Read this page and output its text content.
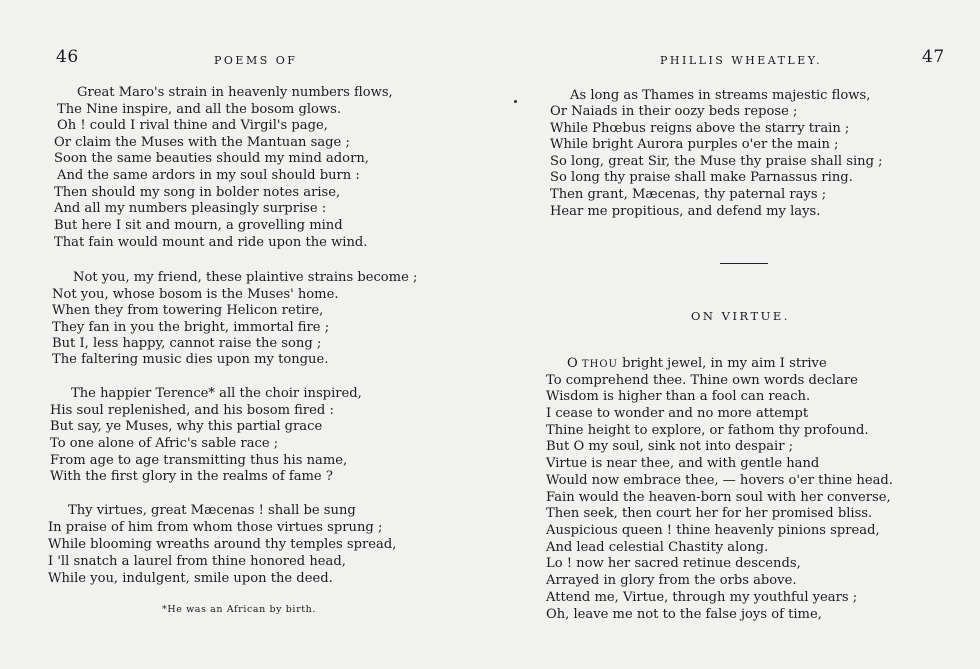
46	POEMS OF
Great Maro's strain in heavenly numbers flows,
The Nine inspire, and all the bosom glows.
Oh ! could I rival thine and Virgil's page,
Or claim the Muses with the Mantuan sage ;
Soon the same beauties should my mind adorn,
And the same ardors in my soul should burn :
Then should my song in bolder notes arise,
And all my numbers pleasingly surprise :
But here I sit and mourn, a grovelling mind
That fain would mount and ride upon the wind.
Not you, my friend, these plaintive strains become ;
Not you, whose bosom is the Muses' home.
When they from towering Helicon retire,
They fan in you the bright, immortal fire ;
But I, less happy, cannot raise the song ;
The faltering music dies upon my tongue.
The happier Terence* all the choir inspired,
His soul replenished, and his bosom fired :
But say, ye Muses, why this partial grace
To one alone of Afric's sable race ;
From age to age transmitting thus his name,
With the first glory in the realms of fame ?
Thy virtues, great Mæcenas ! shall be sung
In praise of him from whom those virtues sprung ;
While blooming wreaths around thy temples spread,
I 'll snatch a laurel from thine honored head,
While you, indulgent, smile upon the deed.
*He was an African by birth.
PHILLIS WHEATLEY.	47
As long as Thames in streams majestic flows,
Or Naiads in their oozy beds repose ;
While Phœbus reigns above the starry train ;
While bright Aurora purples o'er the main ;
So long, great Sir, the Muse thy praise shall sing ;
So long thy praise shall make Parnassus ring.
Then grant, Mæcenas, thy paternal rays ;
Hear me propitious, and defend my lays.
ON VIRTUE.
O THOU bright jewel, in my aim I strive
To comprehend thee. Thine own words declare
Wisdom is higher than a fool can reach.
I cease to wonder and no more attempt
Thine height to explore, or fathom thy profound.
But O my soul, sink not into despair ;
Virtue is near thee, and with gentle hand
Would now embrace thee, — hovers o'er thine head.
Fain would the heaven-born soul with her converse,
Then seek, then court her for her promised bliss.
Auspicious queen ! thine heavenly pinions spread,
And lead celestial Chastity along.
Lo ! now her sacred retinue descends,
Arrayed in glory from the orbs above.
Attend me, Virtue, through my youthful years ;
Oh, leave me not to the false joys of time,
